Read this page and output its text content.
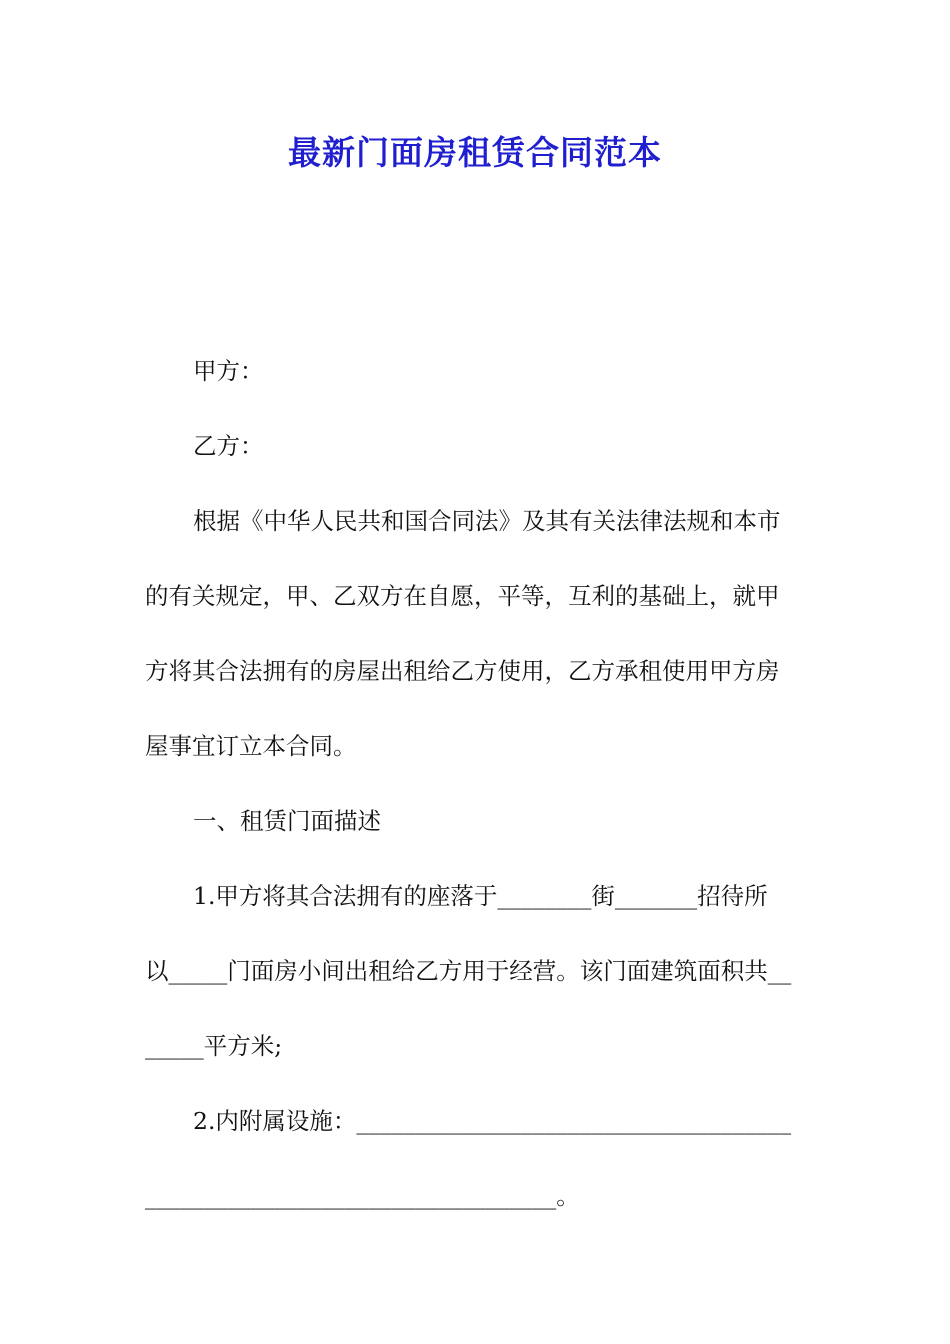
最新门面房租赁合同范本

甲方：

乙方：

根据《中华人民共和国合同法》及其有关法律法规和本市

的有关规定，甲、乙双方在自愿，平等，互利的基础上，就甲

方将其合法拥有的房屋出租给乙方使用，乙方承租使用甲方房

屋事宜订立本合同。

一、租赁门面描述

1.甲方将其合法拥有的座落于________街_______招待所

以_____门面房小间出租给乙方用于经营。该门面建筑面积共__

_____平方米;

2.内附属设施：_____________________________________

___________________________________。
